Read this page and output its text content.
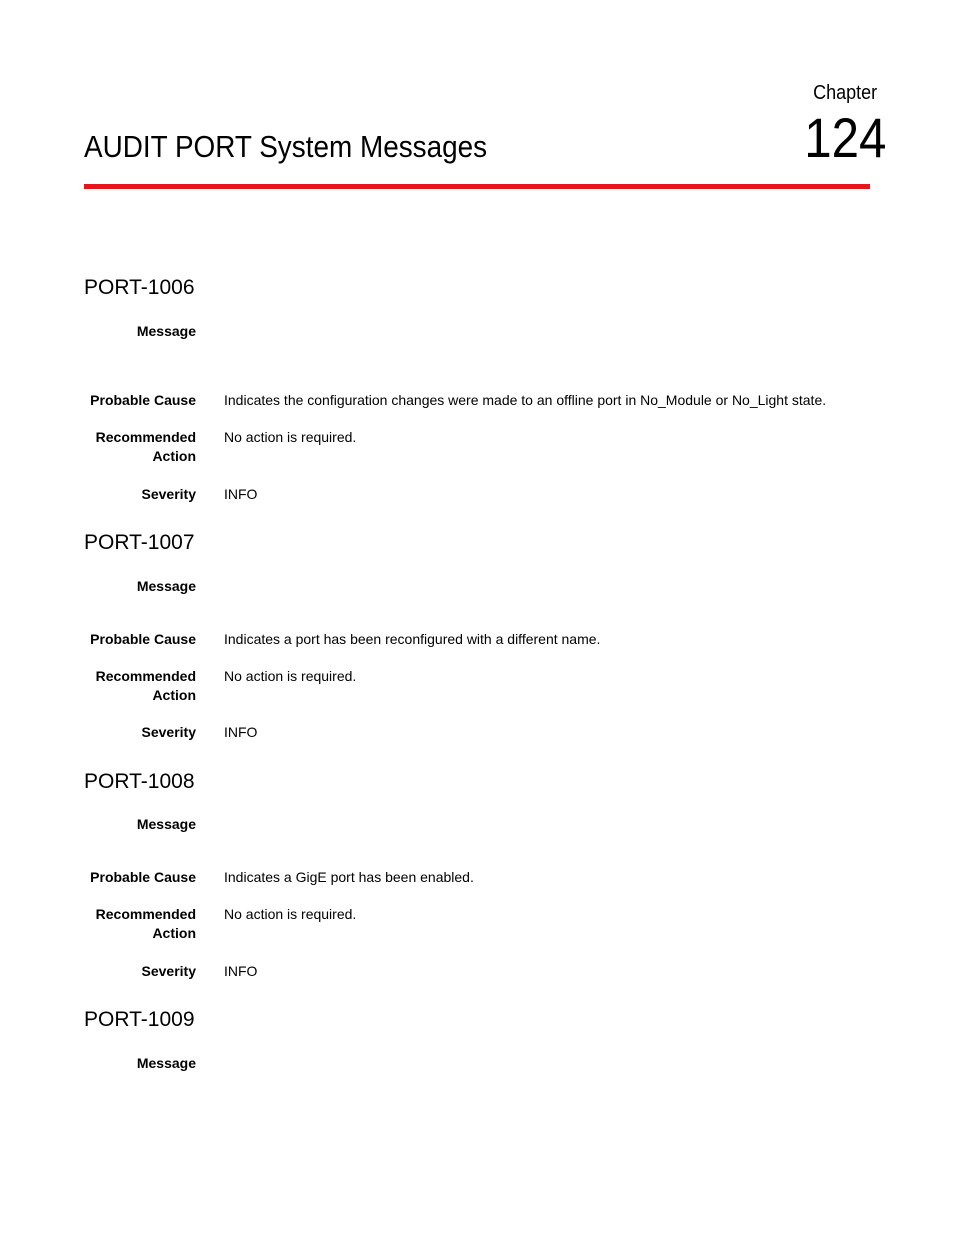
Chapter
124
AUDIT PORT System Messages
PORT-1006
Message
Probable Cause Indicates the configuration changes were made to an offline port in No_Module or No_Light state.
Recommended
Action
No action is required.
Severity INFO
PORT-1007
Message
Probable Cause Indicates a port has been reconfigured with a different name.
Recommended
Action
No action is required.
Severity INFO
PORT-1008
Message
Probable Cause Indicates a GigE port has been enabled.
Recommended
Action
No action is required.
Severity INFO
PORT-1009
Message
